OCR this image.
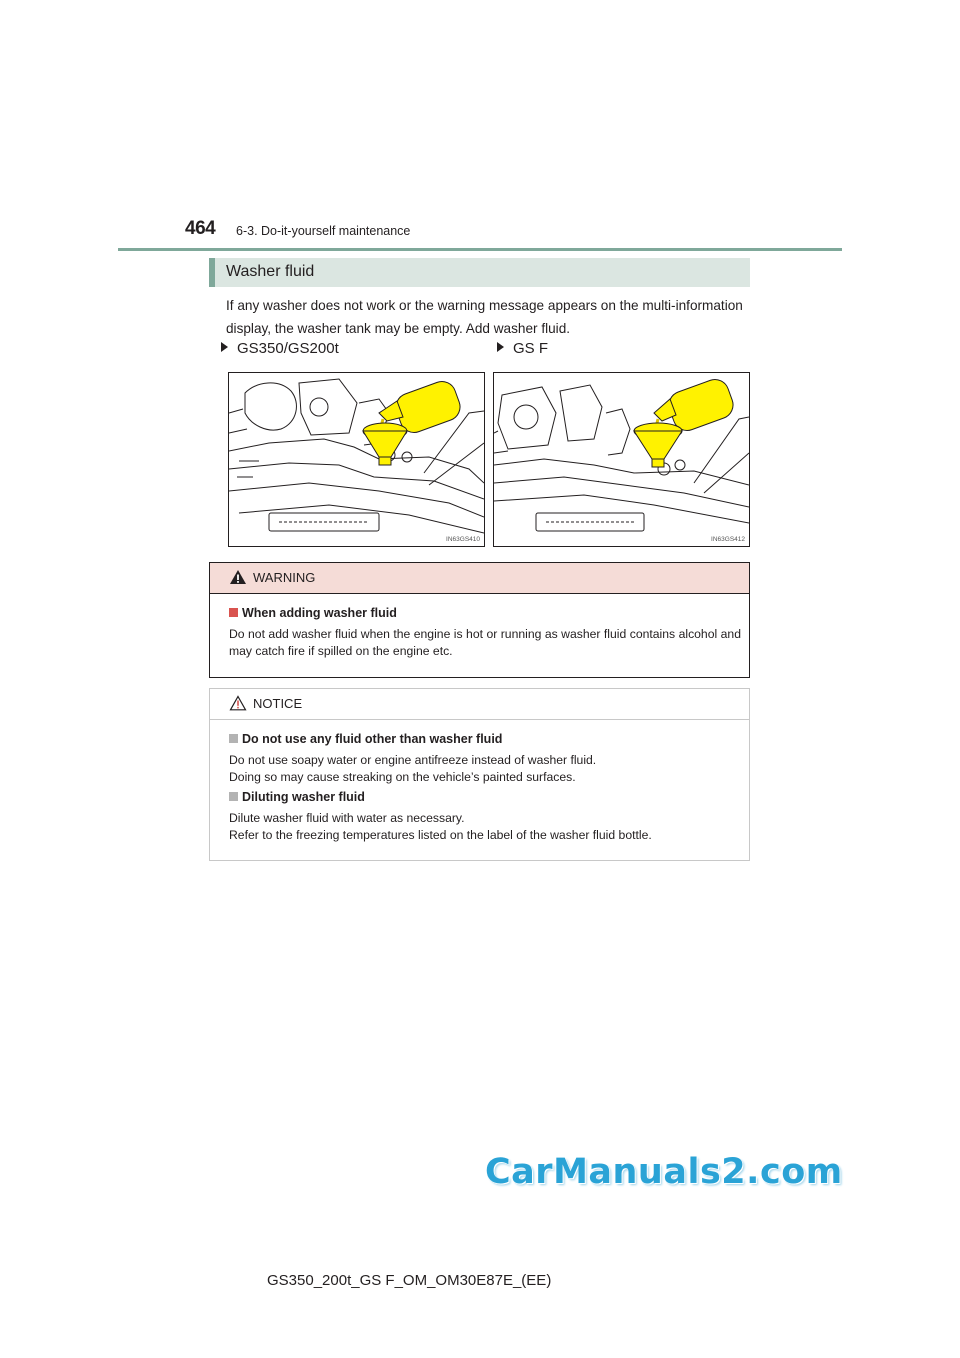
464 6-3. Do-it-yourself maintenance
Washer fluid

If any washer does not work or the warning message appears on the multi-information display, the washer tank may be empty. Add washer fluid.

GS350/GS200t	GS F
IN63GS410	IN63GS412
WARNING
When adding washer fluid

Do not add washer fluid when the engine is hot or running as washer fluid contains alcohol and may catch fire if spilled on the engine etc.

NOTICE
Do not use any fluid other than washer fluid

Do not use soapy water or engine antifreeze instead of washer fluid.

Doing so may cause streaking on the vehicle’s painted surfaces.

Diluting washer fluid

Dilute washer fluid with water as necessary.

Refer to the freezing temperatures listed on the label of the washer fluid bottle.

CarManuals2.com
GS350_200t_GS F_OM_OM30E87E_(EE)
